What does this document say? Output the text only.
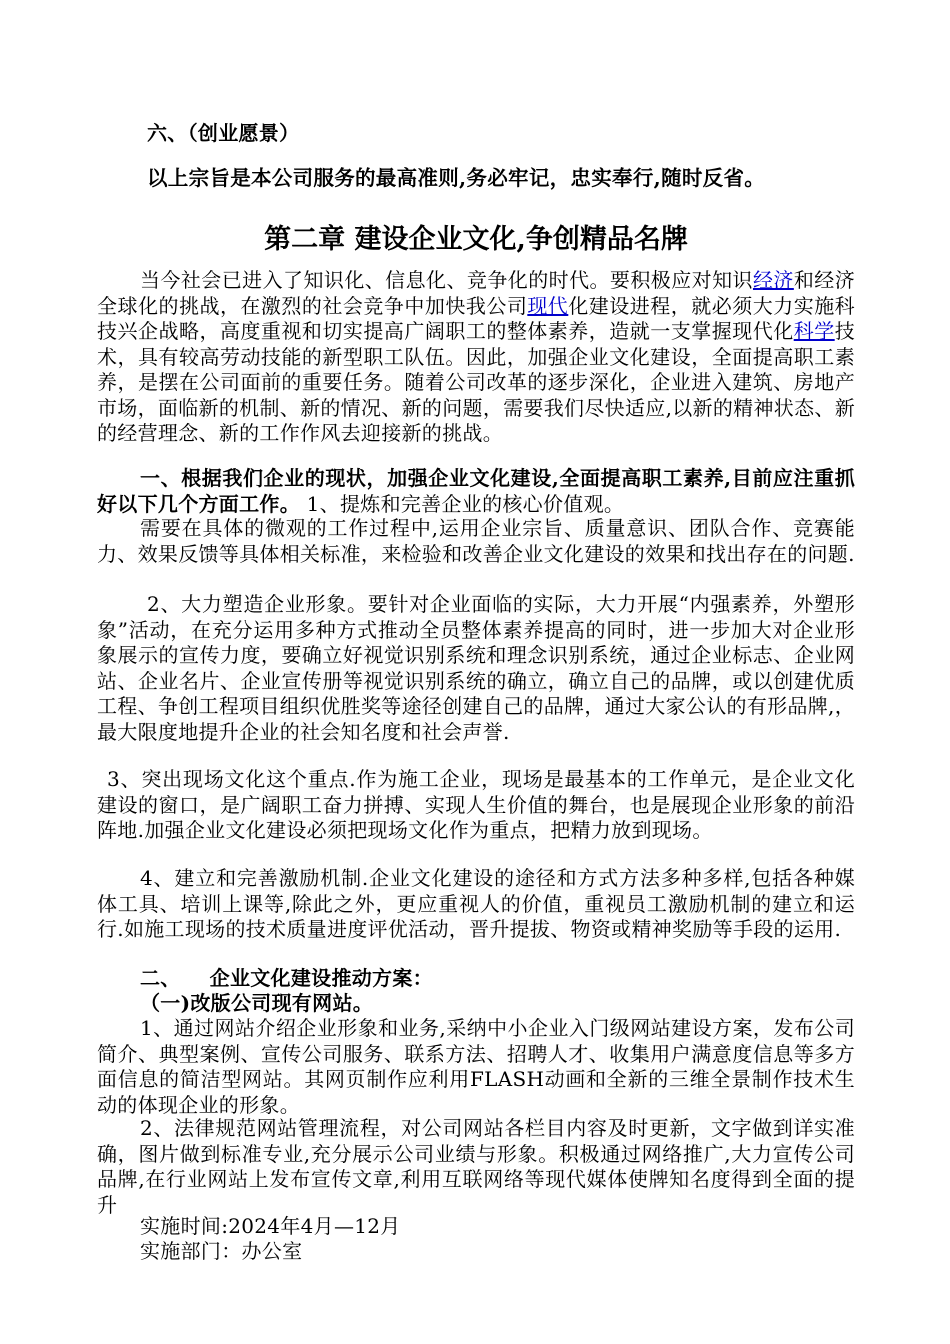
六、（创业愿景）

以上宗旨是本公司服务的最高准则,务必牢记，忠实奉行,随时反省。

第二章 建设企业文化,争创精品名牌

当今社会已进入了知识化、信息化、竞争化的时代。要积极应对知识经济和经济全球化的挑战，在激烈的社会竞争中加快我公司现代化建设进程，就必须大力实施科技兴企战略，高度重视和切实提高广阔职工的整体素养，造就一支掌握现代化科学技术，具有较高劳动技能的新型职工队伍。因此，加强企业文化建设，全面提高职工素养，是摆在公司面前的重要任务。随着公司改革的逐步深化，企业进入建筑、房地产市场，面临新的机制、新的情况、新的问题，需要我们尽快适应,以新的精神状态、新的经营理念、新的工作作风去迎接新的挑战。

一、根据我们企业的现状，加强企业文化建设,全面提高职工素养,目前应注重抓好以下几个方面工作。 1、提炼和完善企业的核心价值观。

需要在具体的微观的工作过程中,运用企业宗旨、质量意识、团队合作、竞赛能力、效果反馈等具体相关标准，来检验和改善企业文化建设的效果和找出存在的问题.

2、大力塑造企业形象。要针对企业面临的实际，大力开展“内强素养，外塑形象”活动，在充分运用多种方式推动全员整体素养提高的同时，进一步加大对企业形象展示的宣传力度，要确立好视觉识别系统和理念识别系统，通过企业标志、企业网站、企业名片、企业宣传册等视觉识别系统的确立，确立自己的品牌，或以创建优质工程、争创工程项目组织优胜奖等途径创建自己的品牌，通过大家公认的有形品牌,，最大限度地提升企业的社会知名度和社会声誉.

3、突出现场文化这个重点.作为施工企业，现场是最基本的工作单元，是企业文化建设的窗口，是广阔职工奋力拼搏、实现人生价值的舞台，也是展现企业形象的前沿阵地.加强企业文化建设必须把现场文化作为重点，把精力放到现场。

4、建立和完善激励机制.企业文化建设的途径和方式方法多种多样,包括各种媒体工具、培训上课等,除此之外，更应重视人的价值，重视员工激励机制的建立和运行.如施工现场的技术质量进度评优活动，晋升提拔、物资或精神奖励等手段的运用.

二、    企业文化建设推动方案：

（一)改版公司现有网站。

1、通过网站介绍企业形象和业务,采纳中小企业入门级网站建设方案，发布公司简介、典型案例、宣传公司服务、联系方法、招聘人才、收集用户满意度信息等多方面信息的简洁型网站。其网页制作应利用FLASH动画和全新的三维全景制作技术生动的体现企业的形象。

2、法律规范网站管理流程，对公司网站各栏目内容及时更新，文字做到详实准确，图片做到标准专业,充分展示公司业绩与形象。积极通过网络推广,大力宣传公司品牌,在行业网站上发布宣传文章,利用互联网络等现代媒体使牌知名度得到全面的提升

实施时间:2024年4月—12月

实施部门：办公室
